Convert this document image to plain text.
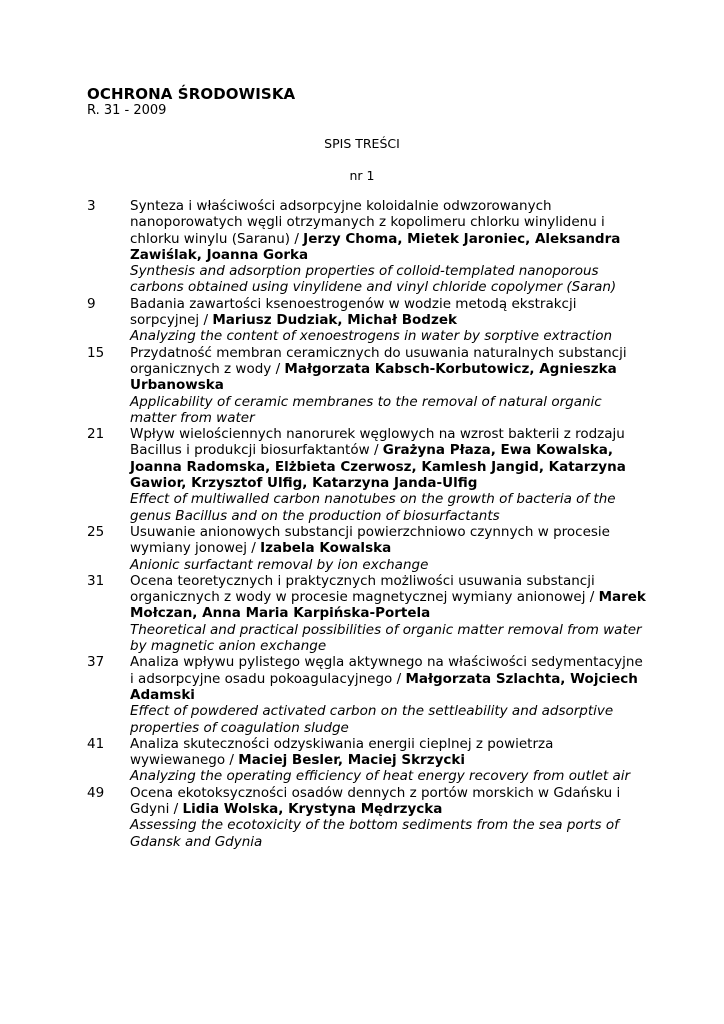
OCHRONA ŚRODOWISKA
R. 31 - 2009
SPIS TREŚCI
nr 1
3	Synteza i właściwości adsorpcyjne koloidalnie odwzorowanych nanoporowatych węgli otrzymanych z kopolimeru chlorku winylidenu i chlorku winylu (Saranu) / Jerzy Choma, Mietek Jaroniec, Aleksandra Zawiślak, Joanna Gorka
Synthesis and adsorption properties of colloid-templated nanoporous carbons obtained using vinylidene and vinyl chloride copolymer (Saran)
9	Badania zawartości ksenoestrogenów w wodzie metodą ekstrakcji sorpcyjnej / Mariusz Dudziak, Michał Bodzek
Analyzing the content of xenoestrogens in water by sorptive extraction
15	Przydatność membran ceramicznych do usuwania naturalnych substancji organicznych z wody / Małgorzata Kabsch-Korbutowicz, Agnieszka Urbanowska
Applicability of ceramic membranes to the removal of natural organic matter from water
21	Wpływ wielościennych nanorurek węglowych na wzrost bakterii z rodzaju Bacillus i produkcji biosurfaktantów / Grażyna Płaza, Ewa Kowalska, Joanna Radomska, Elżbieta Czerwosz, Kamlesh Jangid, Katarzyna Gawior, Krzysztof Ulfig, Katarzyna Janda-Ulfig
Effect of multiwalled carbon nanotubes on the growth of bacteria of the genus Bacillus and on the production of biosurfactants
25	Usuwanie anionowych substancji powierzchniowo czynnych w procesie wymiany jonowej / Izabela Kowalska
Anionic surfactant removal by ion exchange
31	Ocena teoretycznych i praktycznych możliwości usuwania substancji organicznych z wody w procesie magnetycznej wymiany anionowej / Marek Mołczan, Anna Maria Karpińska-Portela
Theoretical and practical possibilities of organic matter removal from water by magnetic anion exchange
37	Analiza wpływu pylistego węgla aktywnego na właściwości sedymentacyjne i adsorpcyjne osadu pokoagulacyjnego / Małgorzata Szlachta, Wojciech Adamski
Effect of powdered activated carbon on the settleability and adsorptive properties of coagulation sludge
41	Analiza skuteczności odzyskiwania energii cieplnej z powietrza wywiewanego / Maciej Besler, Maciej Skrzycki
Analyzing the operating efficiency of heat energy recovery from outlet air
49	Ocena ekotoksyczności osadów dennych z portów morskich w Gdańsku i Gdyni / Lidia Wolska, Krystyna Mędrzycka
Assessing the ecotoxicity of the bottom sediments from the sea ports of Gdansk and Gdynia
